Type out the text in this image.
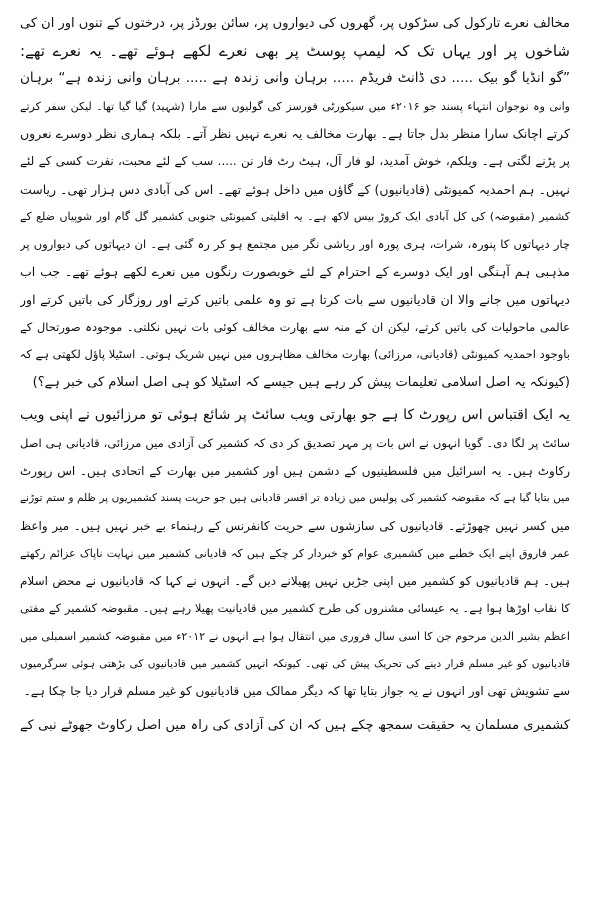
مخالف نعرے تارکول کی سڑکوں پر، گھروں کی دیواروں پر، سائن بورڈز پر، درختوں کے تنوں اور ان کی
شاخوں پر اور یہاں تک کہ لیمپ پوسٹ پر بھی نعرے لکھے ہوئے تھے۔ یہ نعرے تھے:
”گو انڈیا گو بیک ..... دی ڈانٹ فریڈم ..... برہان وانی زندہ ہے ..... برہان وانی زندہ ہے“ برہان
وانی وہ نوجوان انتہاء پسند جو ۲۰۱۶ء میں سیکورٹی فورسز کی گولیوں سے مارا (شہید) گیا گیا تھا۔ لیکن سفر کرتے
کرتے اچانک سارا منظر بدل جاتا ہے۔ بھارت مخالف یہ نعرے نہیں نظر آتے۔ بلکہ ہماری نظر دوسرے نعروں
پر پڑنے لگتی ہے۔ ویلکم، خوش آمدید، لو فار آل، ہیٹ رٹ فار نن ..... سب کے لئے محبت، نفرت کسی کے لئے
نہیں۔ ہم احمدیہ کمیونٹی (قادیانیوں) کے گاؤں میں داخل ہوئے تھے۔ اس کی آبادی دس ہزار تھی۔ ریاست
کشمیر (مقبوضہ) کی کل آبادی ایک کروڑ بیس لاکھ ہے۔ یہ اقلیتی کمیونٹی جنوبی کشمیر گل گام اور شوپیاں ضلع کے
چار دیہاتوں کا پنورہ، شرات، ہری پورہ اور ریاشی نگر میں مجتمع ہو کر رہ گئی ہے۔ ان دیہاتوں کی دیواروں پر
مذہبی ہم آہنگی اور ایک دوسرے کے احترام کے لئے خوبصورت رنگوں میں نعرے لکھے ہوئے تھے۔ جب اب
دیہاتوں میں جانے والا ان قادیانیوں سے بات کرتا ہے تو وہ علمی باتیں کرتے اور روزگار کی باتیں کرتے اور
عالمی ماحولیات کی باتیں کرتے، لیکن ان کے منہ سے بھارت مخالف کوئی بات نہیں نکلتی۔ موجودہ صورتحال کے
باوجود احمدیہ کمیونٹی (قادیانی، مرزائی) بھارت مخالف مظاہروں میں نہیں شریک ہوتی۔ اسٹیلا پاؤل لکھتی ہے کہ
(کیونکہ یہ اصل اسلامی تعلیمات پیش کر رہے ہیں جیسے کہ اسٹیلا کو ہی اصل اسلام کی خبر ہے؟)
یہ ایک اقتباس اس رپورٹ کا ہے جو بھارتی ویب سائٹ پر شائع ہوئی تو مرزائیوں نے اپنی ویب
سائٹ پر لگا دی۔ گویا انہوں نے اس بات پر مہر تصدیق کر دی کہ کشمیر کی آزادی میں مرزائی، قادیانی ہی اصل
رکاوٹ ہیں۔ یہ اسرائیل میں فلسطینیوں کے دشمن ہیں اور کشمیر میں بھارت کے اتحادی ہیں۔ اس رپورٹ
میں بتایا گیا ہے کہ مقبوضہ کشمیر کی پولیس میں زیادہ تر افسر قادیانی ہیں جو حریت پسند کشمیریوں پر ظلم و ستم توڑنے
میں کسر نہیں چھوڑتے۔ قادیانیوں کی سازشوں سے حریت کانفرنس کے رہنماء بے خبر نہیں ہیں۔ میر واعظ
عمر فاروق اپنے ایک خطبے میں کشمیری عوام کو خبردار کر چکے ہیں کہ قادیانی کشمیر میں نہایت ناپاک عزائم رکھتے
ہیں۔ ہم قادیانیوں کو کشمیر میں اپنی جڑیں نہیں پھیلانے دیں گے۔ انہوں نے کہا کہ قادیانیوں نے محض اسلام
کا نقاب اوڑھا ہوا ہے۔ یہ عیسائی مشنروں کی طرح کشمیر میں قادیانیت پھیلا رہے ہیں۔ مقبوضہ کشمیر کے مفتی
اعظم بشیر الدین مرحوم جن کا اسی سال فروری میں انتقال ہوا ہے انہوں نے ۲۰۱۲ء میں مقبوضہ کشمیر اسمبلی میں
قادیانیوں کو غیر مسلم قرار دینے کی تحریک پیش کی تھی۔ کیونکہ انہیں کشمیر میں قادیانیوں کی بڑھتی ہوئی سرگرمیوں
سے تشویش تھی اور انہوں نے یہ جواز بتایا تھا کہ دیگر ممالک میں قادیانیوں کو غیر مسلم قرار دیا جا چکا ہے۔
کشمیری مسلمان یہ حقیقت سمجھ چکے ہیں کہ ان کی آزادی کی راہ میں اصل رکاوٹ جھوٹے نبی کے
